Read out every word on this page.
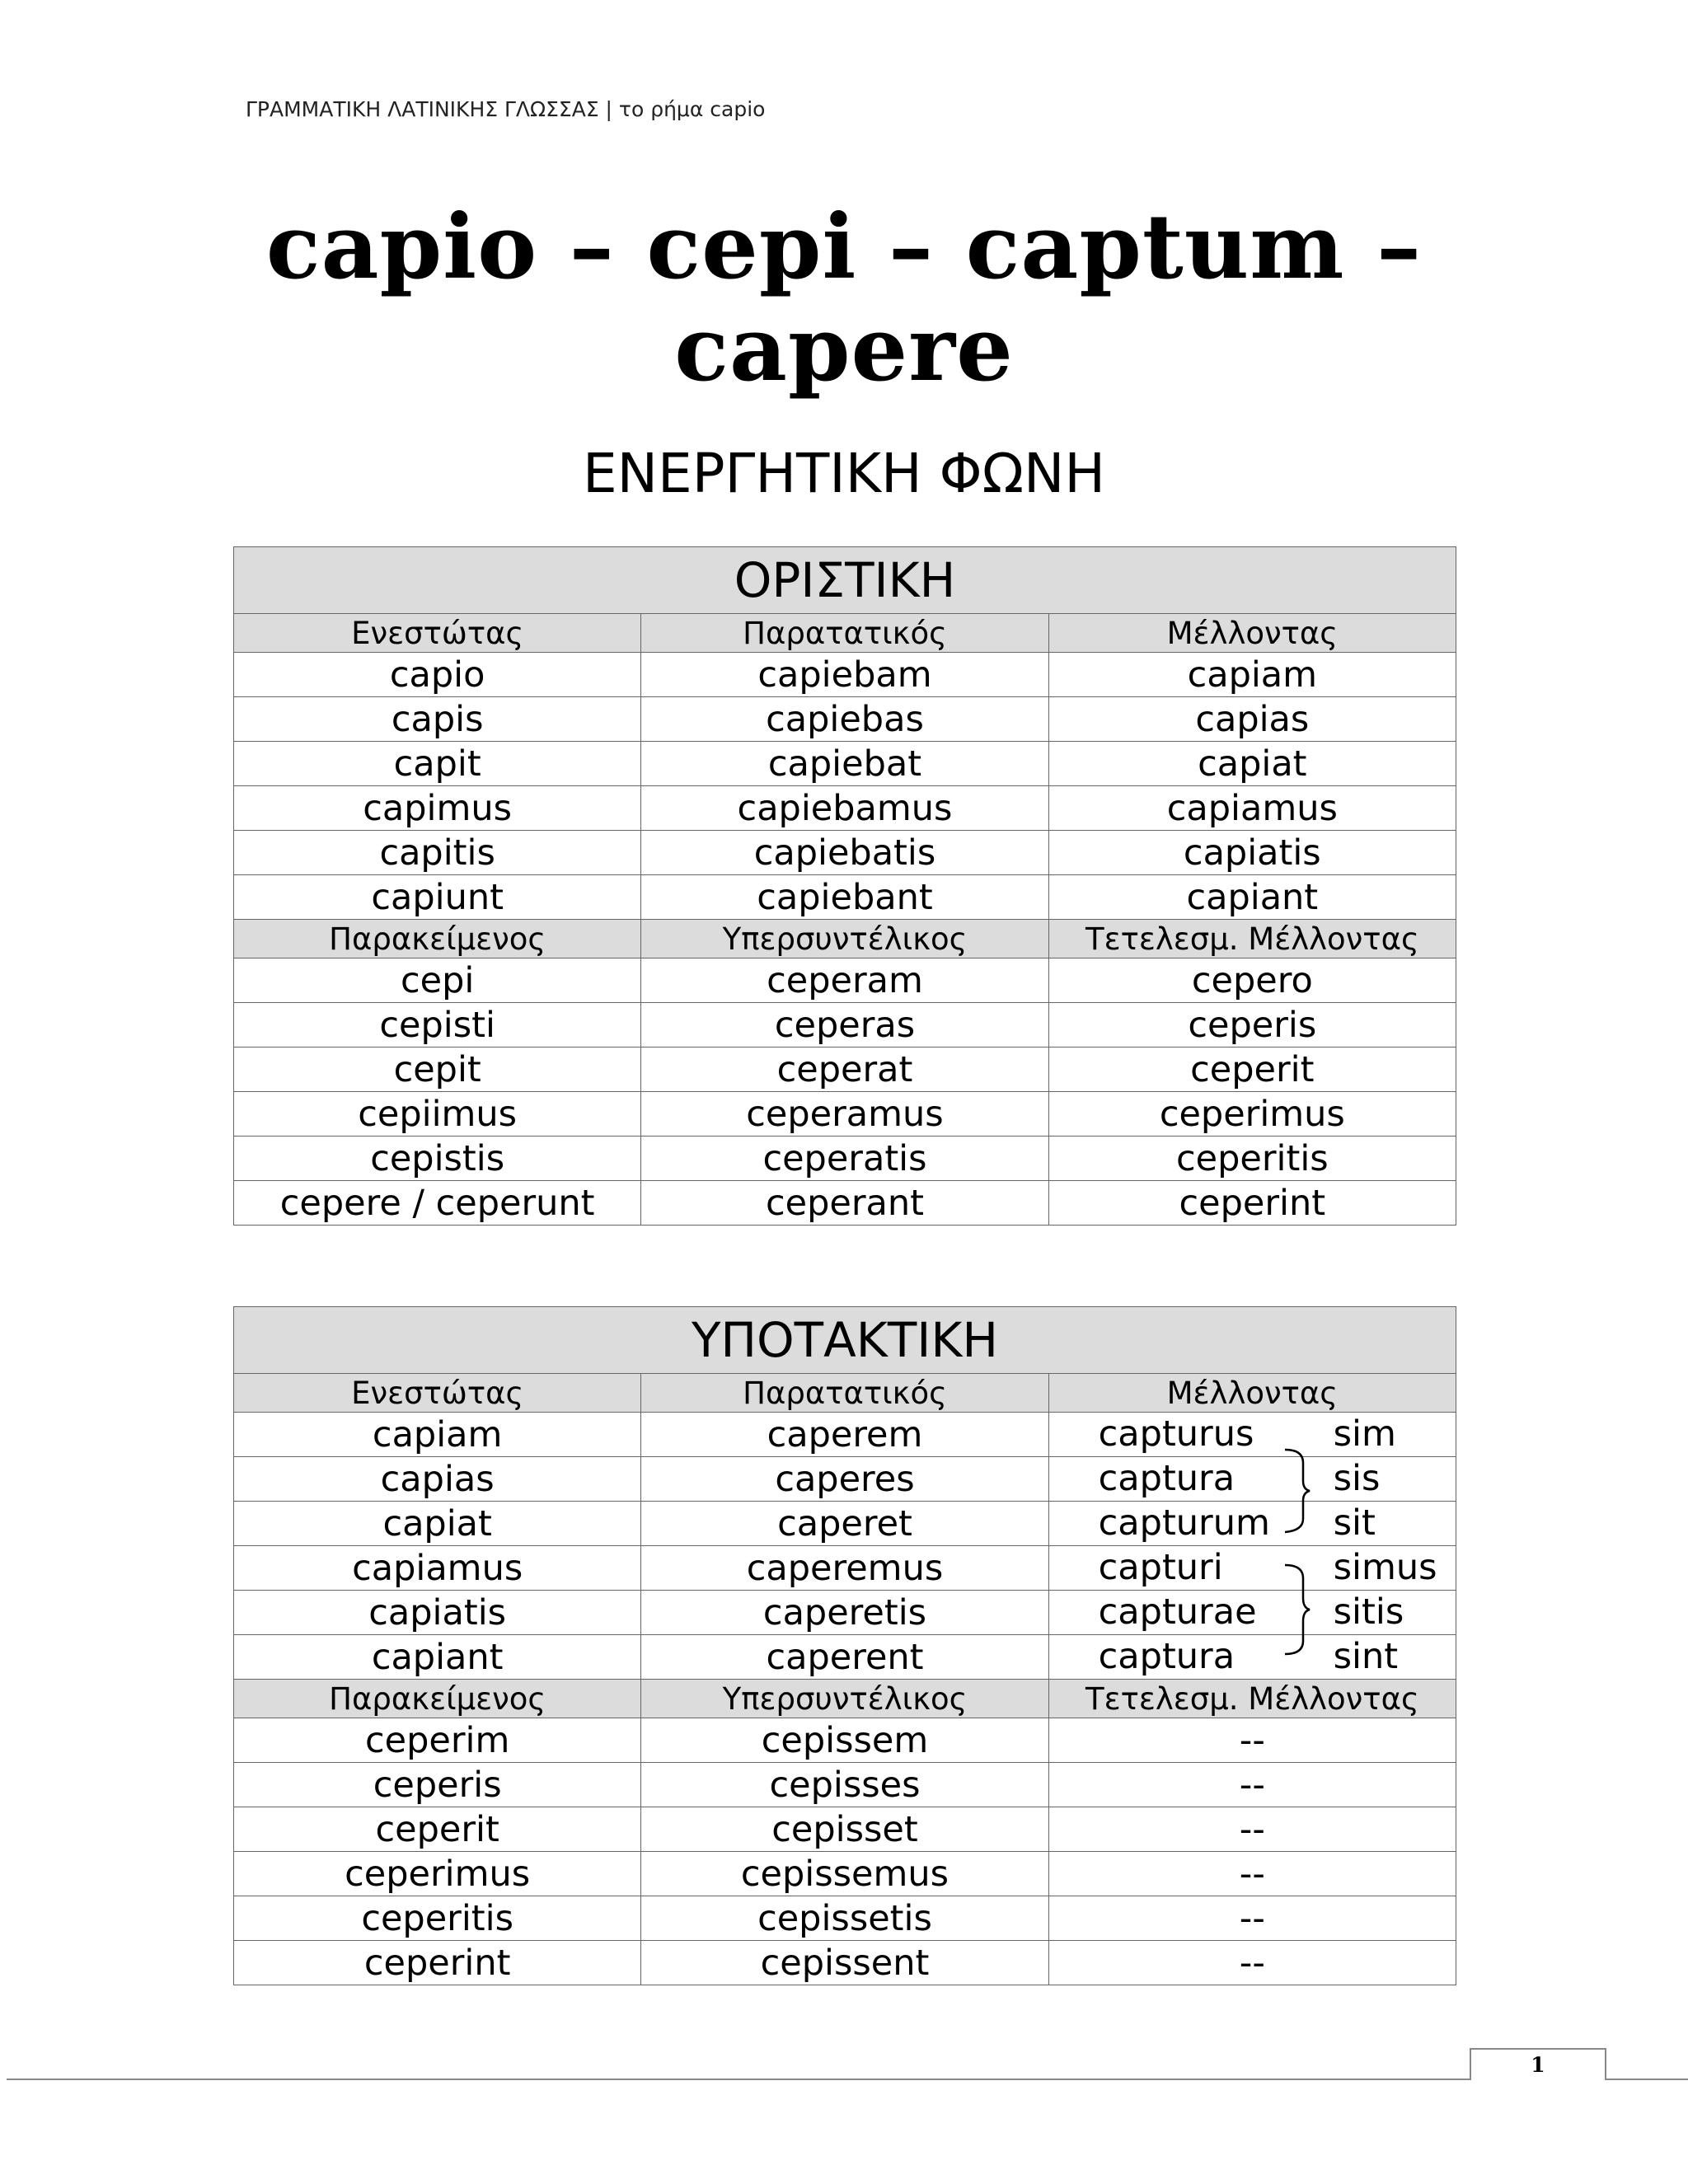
ΓΡΑΜΜΑΤΙΚΗ ΛΑΤΙΝΙΚΗΣ ΓΛΩΣΣΑΣ | το ρήμα capio
capio – cepi – captum –
capere
ΕΝΕΡΓΗΤΙΚΗ ΦΩΝΗ
ΟΡΙΣΤΙΚΗ		
Ενεστώτας	Παρατατικός	Μέλλοντας
capio	capiebam	capiam
capis	capiebas	capias
capit	capiebat	capiat
capimus	capiebamus	capiamus
capitis	capiebatis	capiatis
capiunt	capiebant	capiant
Παρακείμενος	Υπερσυντέλικος	Τετελεσμ. Μέλλοντας
cepi	ceperam	cepero
cepisti	ceperas	ceperis
cepit	ceperat	ceperit
cepiimus	ceperamus	ceperimus
cepistis	ceperatis	ceperitis
cepere / ceperunt	ceperant	ceperint
ΥΠΟΤΑΚΤΙΚΗ		
Ενεστώτας	Παρατατικός	Μέλλοντας
capiam	caperem	capturus sim

capias	caperes	captura sis

capiat	caperet	capturum sit

capiamus	caperemus	capturi simus

capiatis	caperetis	capturae sitis

capiant	caperent	captura sint

Παρακείμενος	Υπερσυντέλικος	Τετελεσμ. Μέλλοντας
ceperim	cepissem	--
ceperis	cepisses	--
ceperit	cepisset	--
ceperimus	cepissemus	--
ceperitis	cepissetis	--
ceperint	cepissent	--
1
